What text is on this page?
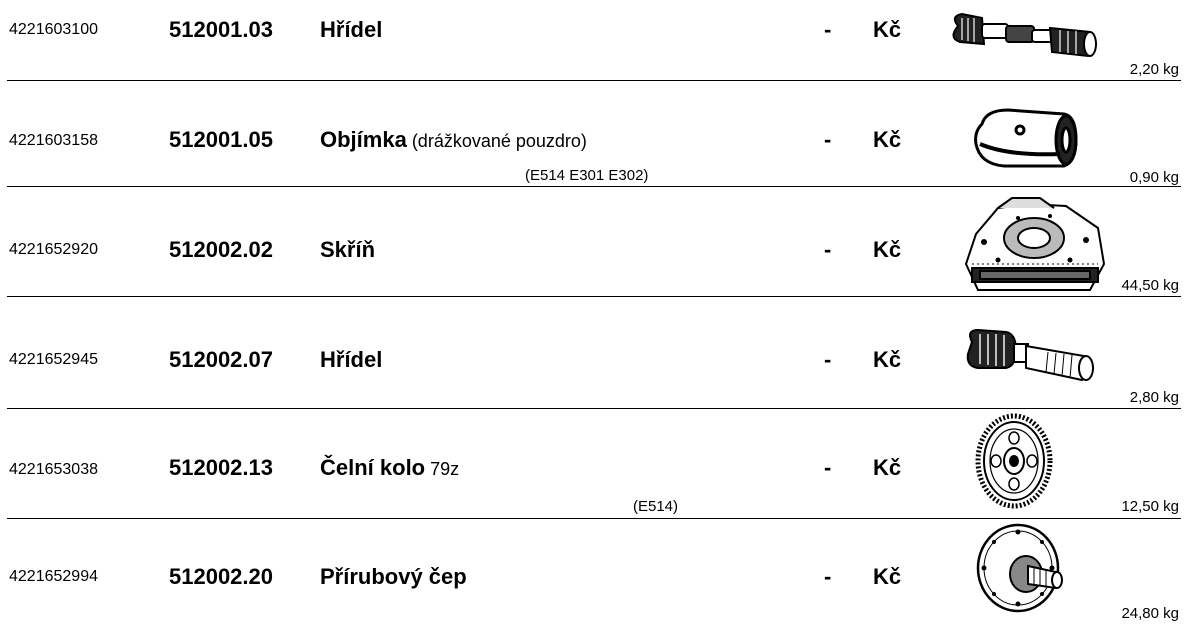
4221603100	512001.03 Hřídel	- Kč
2,20 kg
4221603158	512001.05 Objímka (drážkované pouzdro)	- Kč
(E514 E301 E302)	0,90 kg
4221652920	512002.02 Skříň	- Kč
44,50 kg
4221652945	512002.07 Hřídel	- Kč
2,80 kg
4221653038	512002.13 Čelní kolo 79z	- Kč
(E514)	12,50 kg
4221652994	512002.20 Přírubový čep	- Kč
24,80 kg
